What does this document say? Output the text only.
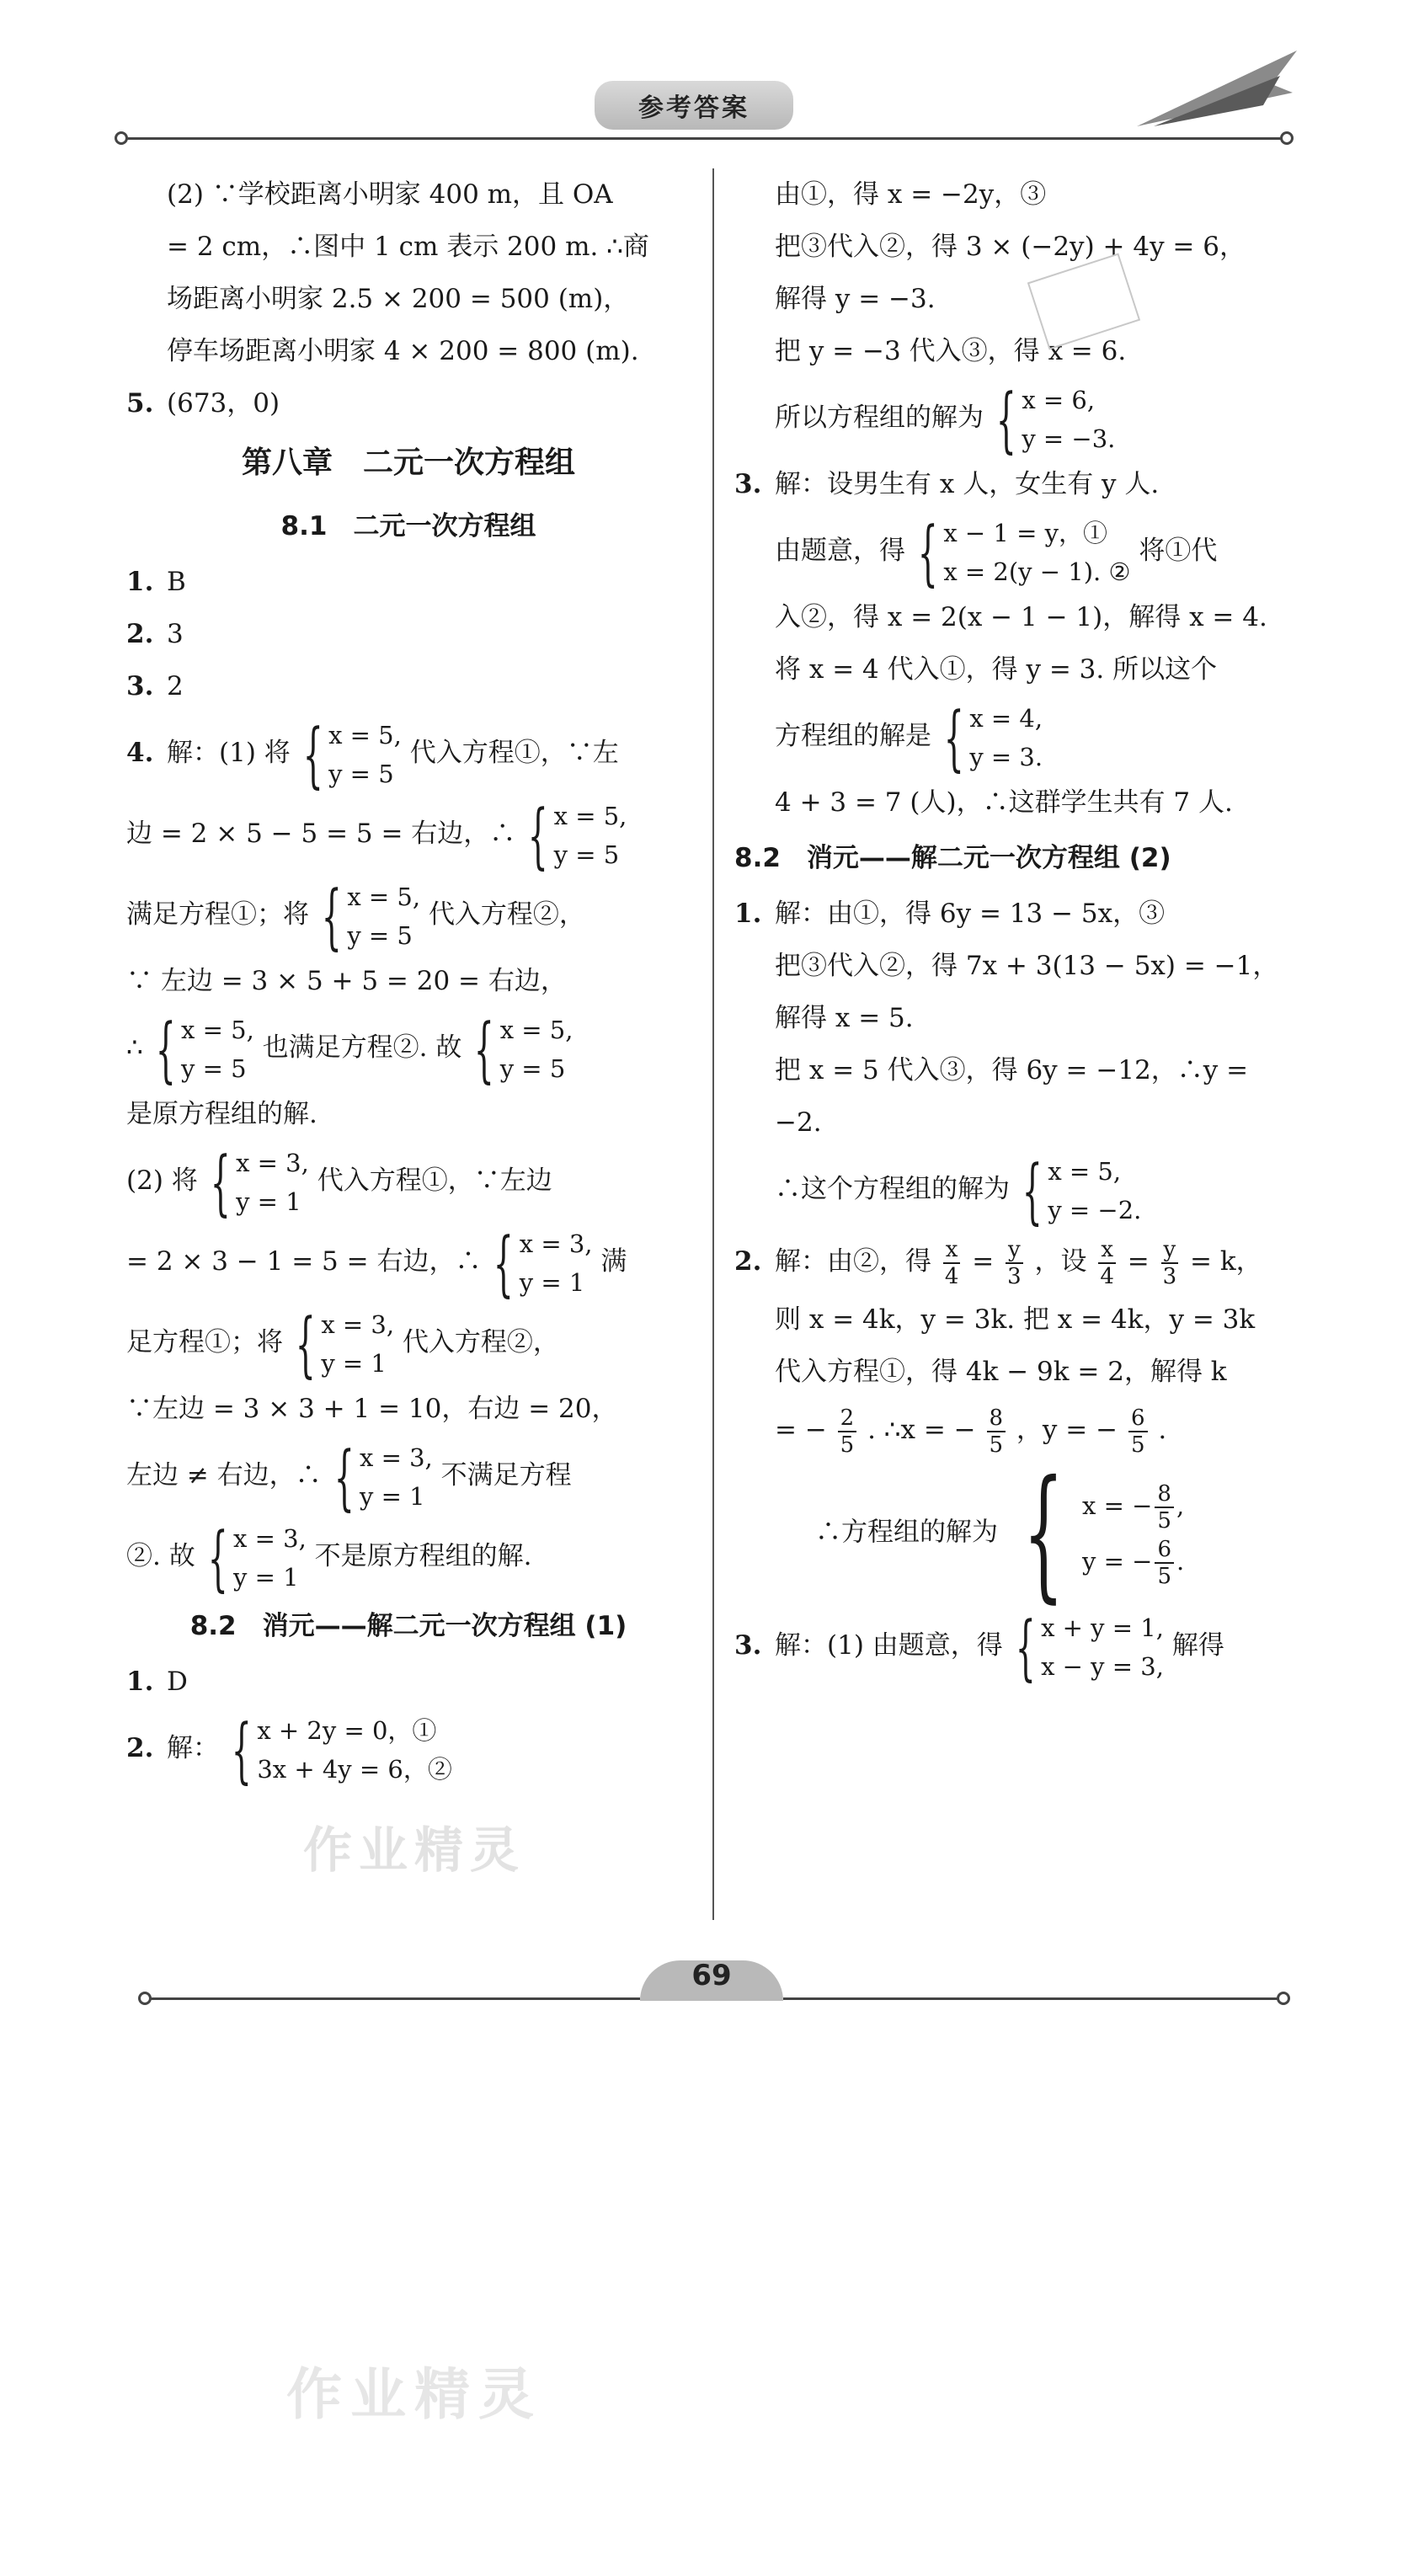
参考答案
(2) ∵学校距离小明家 400 m，且 OA
= 2 cm，∴图中 1 cm 表示 200 m. ∴商
场距离小明家 2.5 × 200 = 500 (m)，
停车场距离小明家 4 × 200 = 800 (m).
5. (673，0)
第八章　二元一次方程组
8.1　二元一次方程组
1. B
2. 3
3. 2
4. 解：(1) 将 { x = 5,
y = 5
代入方程①，∵左
边 = 2 × 5 − 5 = 5 = 右边，∴ { x = 5,
y = 5
满足方程①；将 { x = 5,
y = 5
代入方程②，
∵ 左边 = 3 × 5 + 5 = 20 = 右边，
∴ { x = 5,
y = 5
也满足方程②. 故 { x = 5,
y = 5
是原方程组的解.
(2) 将 { x = 3,
y = 1
代入方程①，∵左边
= 2 × 3 − 1 = 5 = 右边，∴ { x = 3,
y = 1
满
足方程①；将 { x = 3,
y = 1
代入方程②，
∵左边 = 3 × 3 + 1 = 10，右边 = 20，
左边 ≠ 右边，∴ { x = 3,
y = 1
不满足方程
②. 故 { x = 3,
y = 1
不是原方程组的解.
8.2　消元——解二元一次方程组 (1)
1. D
2. 解： { x + 2y = 0，①
3x + 4y = 6，②
由①，得 x = −2y，③
把③代入②，得 3 × (−2y) + 4y = 6，
解得 y = −3.
把 y = −3 代入③，得 x = 6.
所以方程组的解为 { x = 6,
y = −3.
3. 解：设男生有 x 人，女生有 y 人.
由题意，得 { x − 1 = y，①
x = 2(y − 1). ②
将①代
入②，得 x = 2(x − 1 − 1)，解得 x = 4.
将 x = 4 代入①，得 y = 3. 所以这个
方程组的解是 { x = 4,
y = 3.
4 + 3 = 7 (人)，∴这群学生共有 7 人.
8.2　消元——解二元一次方程组 (2)
1. 解：由①，得 6y = 13 − 5x，③
把③代入②，得 7x + 3(13 − 5x) = −1，
解得 x = 5.
把 x = 5 代入③，得 6y = −12，∴y =
−2.
∴这个方程组的解为 { x = 5,
y = −2.
2. 解：由②，得 $\frac{x}{4} = \frac{y}{3}$ ，设 $\frac{x}{4} = \frac{y}{3} = k$，
则 x = 4k，y = 3k. 把 x = 4k，y = 3k
代入方程①，得 4k − 9k = 2，解得 k
= − $\frac{2}{5}$ . ∴x = − $\frac{8}{5}$ ，y = − $\frac{6}{5}$ .
∴方程组的解为 { x = − $\frac{8}{5}$ ,
y = − $\frac{6}{5}$ .
3. 解：(1) 由题意，得 { x + y = 1,
x − y = 3,
解得
作业精灵
69
作业精灵
